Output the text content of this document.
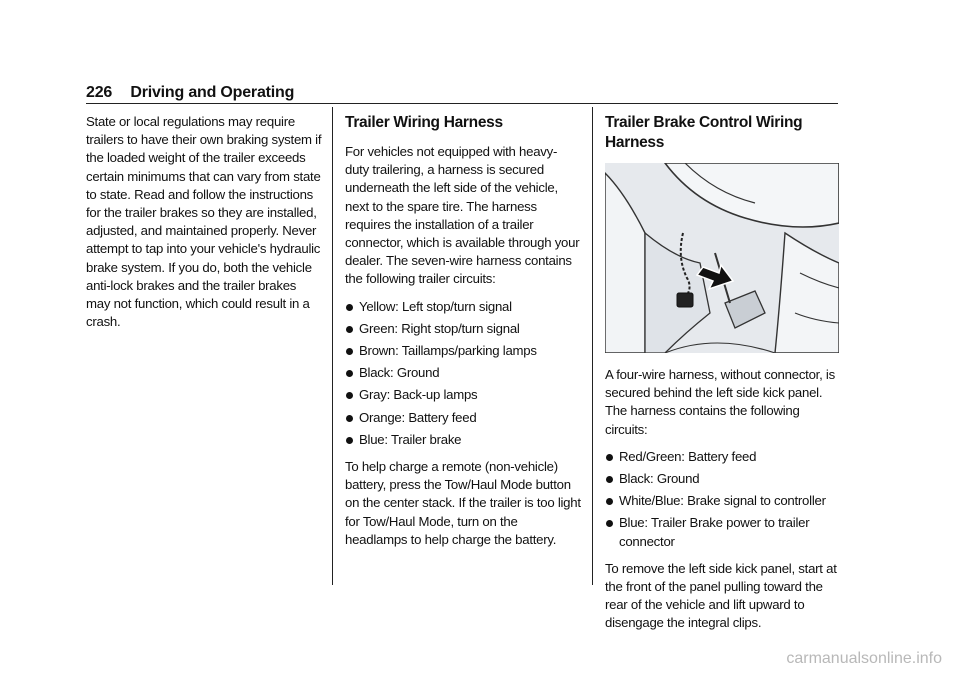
226 Driving and Operating

State or local regulations may require trailers to have their own braking system if the loaded weight of the trailer exceeds certain minimums that can vary from state to state. Read and follow the instructions for the trailer brakes so they are installed, adjusted, and maintained properly. Never attempt to tap into your vehicle's hydraulic brake system. If you do, both the vehicle anti-lock brakes and the trailer brakes may not function, which could result in a crash.

Trailer Wiring Harness

For vehicles not equipped with heavy-duty trailering, a harness is secured underneath the left side of the vehicle, next to the spare tire. The harness requires the installation of a trailer connector, which is available through your dealer. The seven-wire harness contains the following trailer circuits:

Yellow: Left stop/turn signal
Green: Right stop/turn signal
Brown: Taillamps/parking lamps
Black: Ground
Gray: Back-up lamps
Orange: Battery feed
Blue: Trailer brake

To help charge a remote (non-vehicle) battery, press the Tow/Haul Mode button on the center stack. If the trailer is too light for Tow/Haul Mode, turn on the headlamps to help charge the battery.

Trailer Brake Control Wiring Harness

A four-wire harness, without connector, is secured behind the left side kick panel. The harness contains the following circuits:

Red/Green: Battery feed
Black: Ground
White/Blue: Brake signal to controller
Blue: Trailer Brake power to trailer connector

To remove the left side kick panel, start at the front of the panel pulling toward the rear of the vehicle and lift upward to disengage the integral clips.

carmanualsonline.info
